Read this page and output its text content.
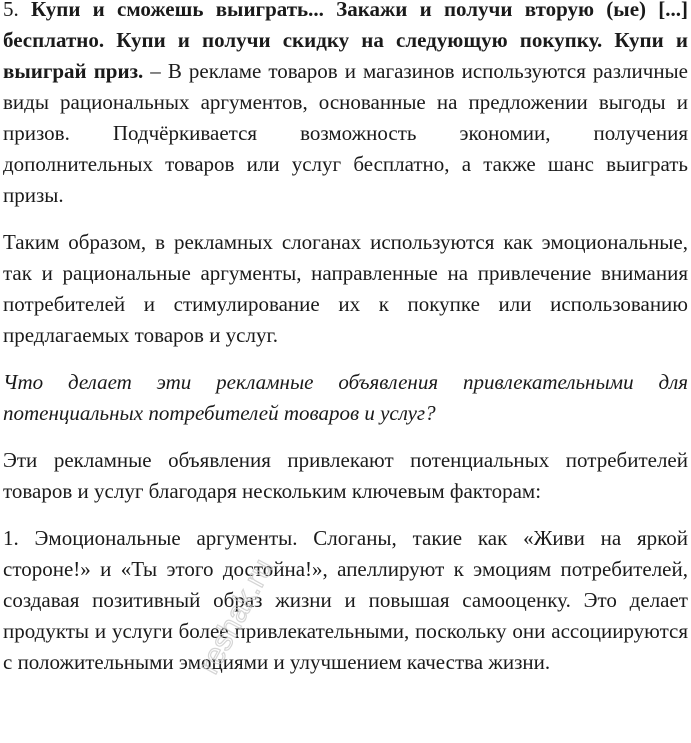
5. Купи и сможешь выиграть... Закажи и получи вторую (ые) [...] бесплатно. Купи и получи скидку на следующую покупку. Купи и выиграй приз. – В рекламе товаров и магазинов используются различные виды рациональных аргументов, основанные на предложении выгоды и призов. Подчёркивается возможность экономии, получения дополнительных товаров или услуг бесплатно, а также шанс выиграть призы.

Таким образом, в рекламных слоганах используются как эмоциональные, так и рациональные аргументы, направленные на привлечение внимания потребителей и стимулирование их к покупке или использованию предлагаемых товаров и услуг.

Что делает эти рекламные объявления привлекательными для потенциальных потребителей товаров и услуг?

Эти рекламные объявления привлекают потенциальных потребителей товаров и услуг благодаря нескольким ключевым факторам:

1. Эмоциональные аргументы. Слоганы, такие как «Живи на яркой стороне!» и «Ты этого достойна!», апеллируют к эмоциям потребителей, создавая позитивный образ жизни и повышая самооценку. Это делает продукты и услуги более привлекательными, поскольку они ассоциируются с положительными эмоциями и улучшением качества жизни.

reshak.ru
